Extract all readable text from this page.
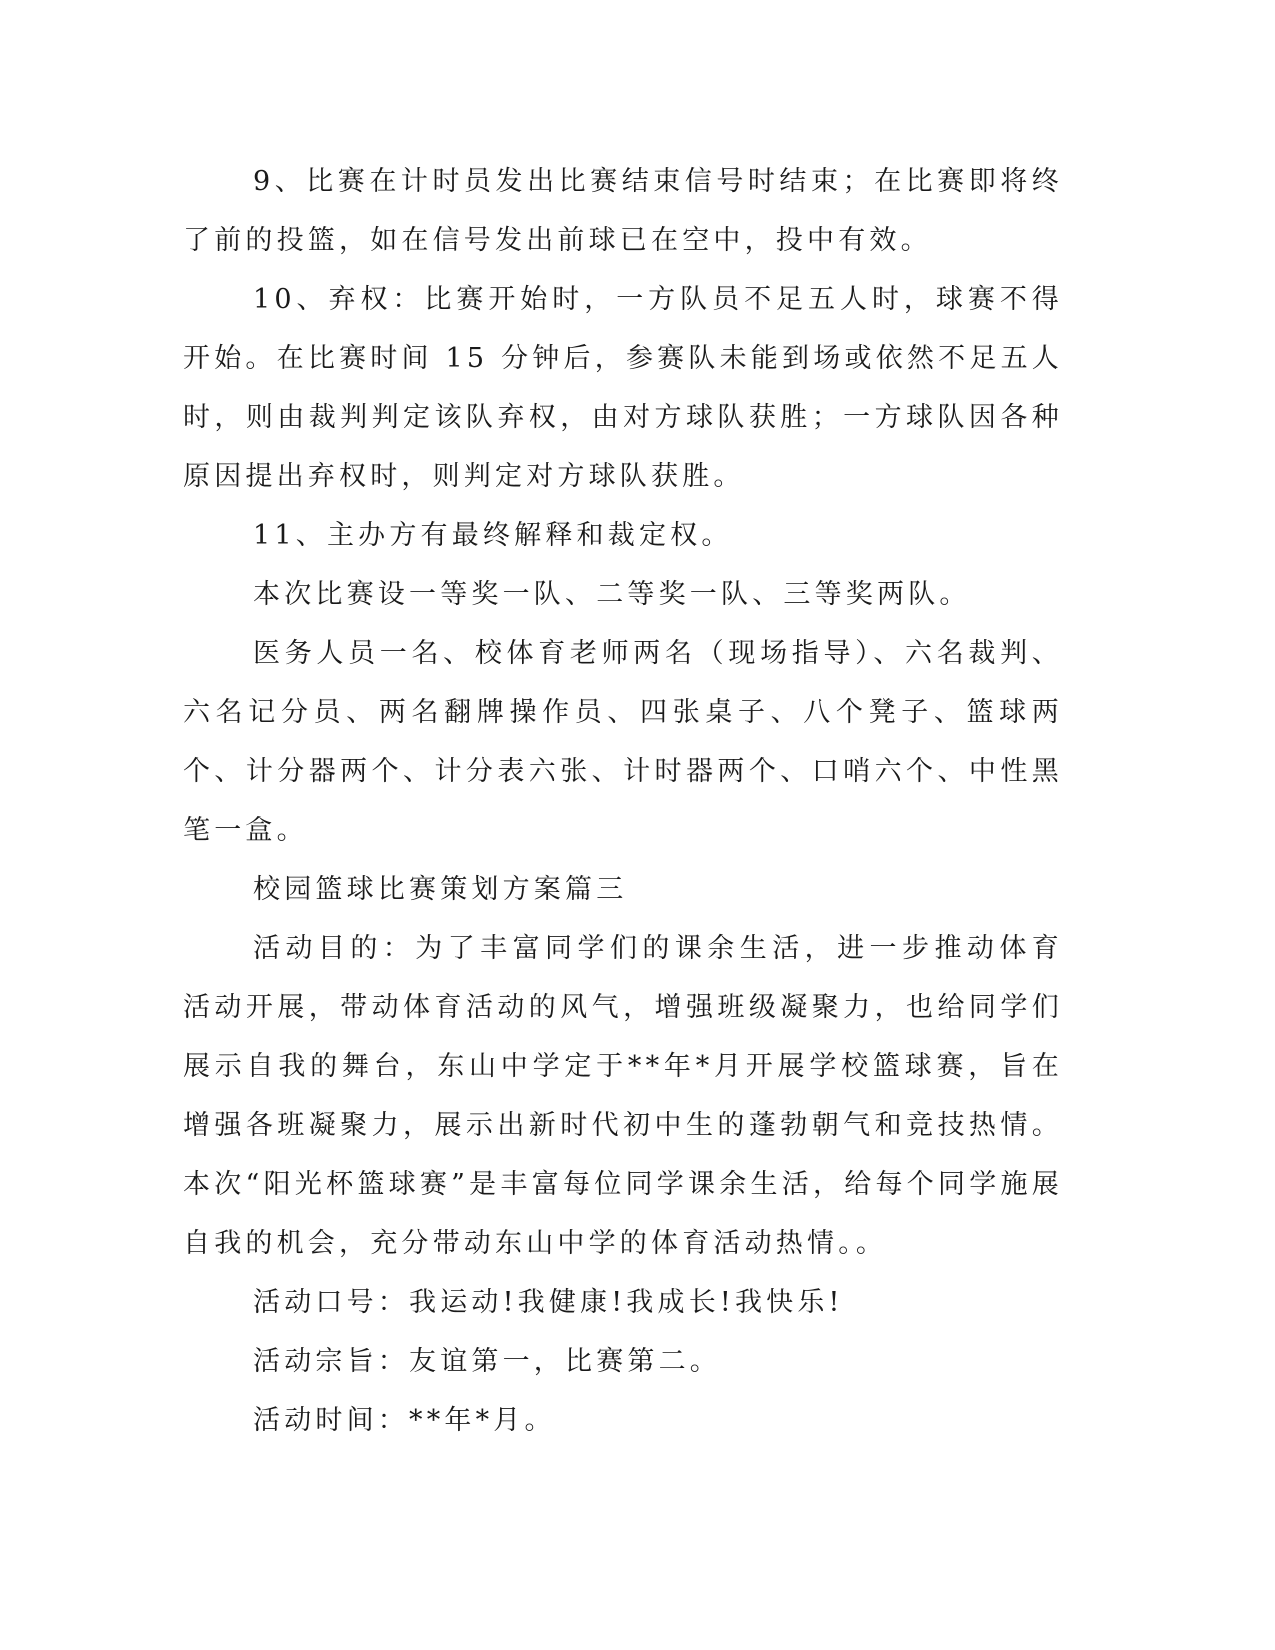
9、比赛在计时员发出比赛结束信号时结束；在比赛即将终了前的投篮，如在信号发出前球已在空中，投中有效。

10、弃权：比赛开始时，一方队员不足五人时，球赛不得开始。在比赛时间 15 分钟后，参赛队未能到场或依然不足五人时，则由裁判判定该队弃权，由对方球队获胜；一方球队因各种原因提出弃权时，则判定对方球队获胜。

11、主办方有最终解释和裁定权。

本次比赛设一等奖一队、二等奖一队、三等奖两队。

医务人员一名、校体育老师两名（现场指导）、六名裁判、六名记分员、两名翻牌操作员、四张桌子、八个凳子、篮球两个、计分器两个、计分表六张、计时器两个、口哨六个、中性黑笔一盒。

校园篮球比赛策划方案篇三

活动目的：为了丰富同学们的课余生活，进一步推动体育活动开展，带动体育活动的风气，增强班级凝聚力，也给同学们展示自我的舞台，东山中学定于**年*月开展学校篮球赛，旨在增强各班凝聚力，展示出新时代初中生的蓬勃朝气和竞技热情。本次“阳光杯篮球赛”是丰富每位同学课余生活，给每个同学施展自我的机会，充分带动东山中学的体育活动热情。。

活动口号：我运动!我健康!我成长!我快乐!

活动宗旨：友谊第一，比赛第二。

活动时间：**年*月。
